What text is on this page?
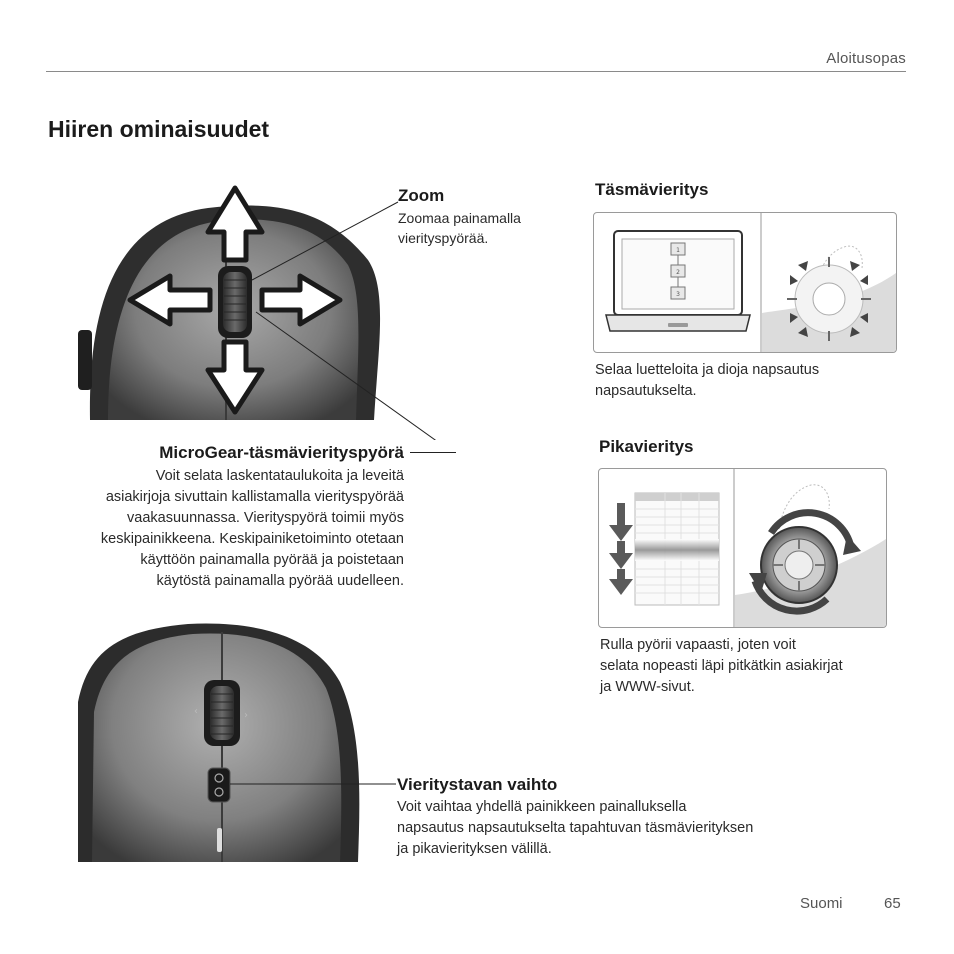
Aloitusopas
Hiiren ominaisuudet
Zoom
Zoomaa painamalla
vierityspyörää.
MicroGear-täsmävierityspyörä
Voit selata laskentataulukoita ja leveitä
asiakirjoja sivuttain kallistamalla vierityspyörää
vaakasuunnassa. Vierityspyörä toimii myös
keskipainikkeena. Keskipainiketoiminto otetaan
käyttöön painamalla pyörää ja poistetaan
käytöstä painamalla pyörää uudelleen.
Täsmävieritys
1
2
3
Selaa luetteloita ja dioja napsautus
napsautukselta.
Pikavieritys
Rulla pyörii vapaasti, joten voit
selata nopeasti läpi pitkätkin asiakirjat
ja WWW-sivut.
‹	›
Vieritystavan vaihto
Voit vaihtaa yhdellä painikkeen painalluksella
napsautus napsautukselta tapahtuvan täsmävierityksen
ja pikavierityksen välillä.
Suomi	65
